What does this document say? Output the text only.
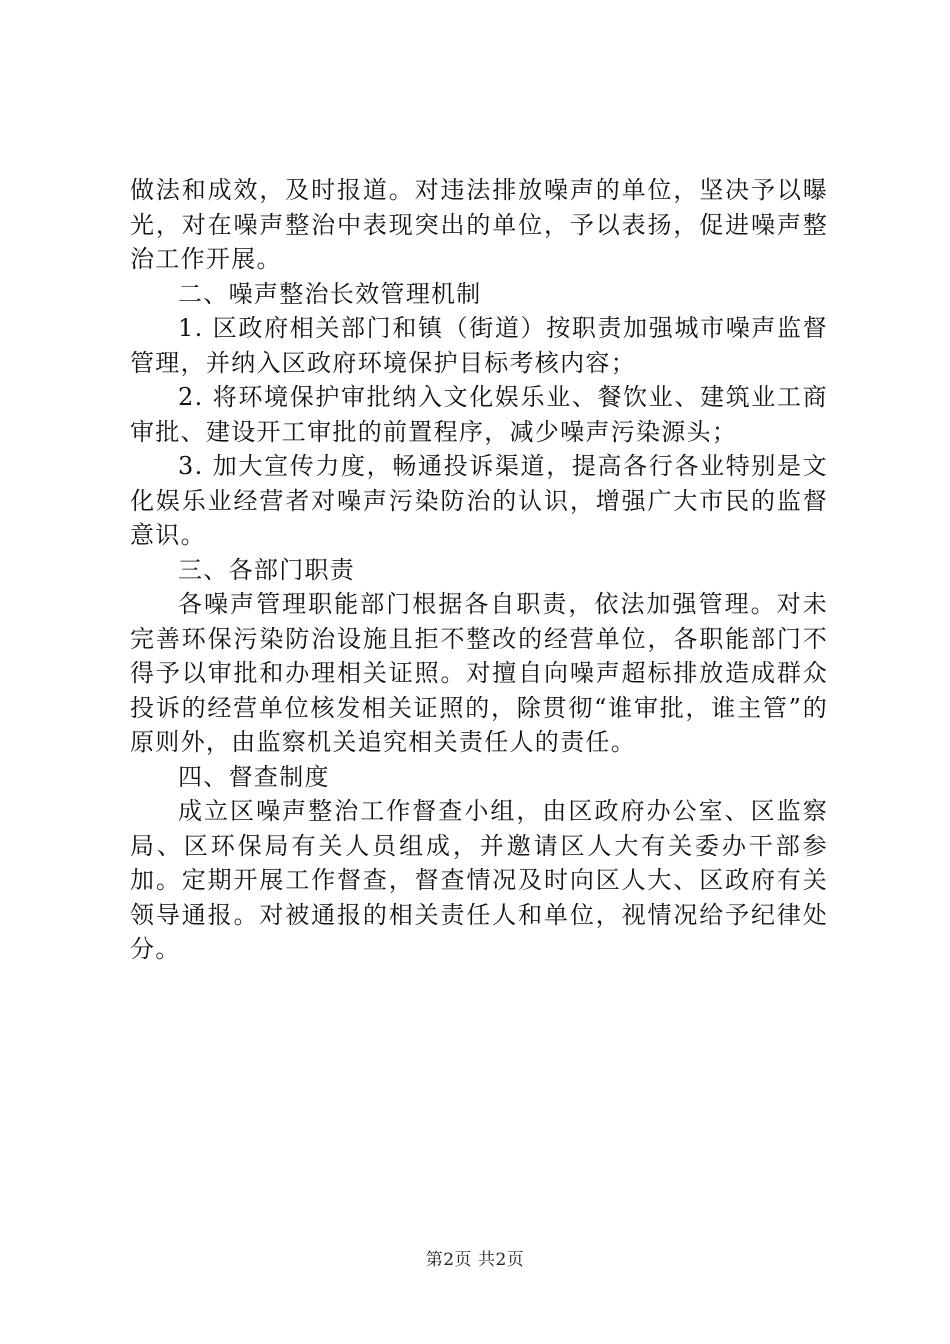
做法和成效，及时报道。对违法排放噪声的单位，坚决予以曝光，对在噪声整治中表现突出的单位，予以表扬，促进噪声整治工作开展。

二、噪声整治长效管理机制

1. 区政府相关部门和镇（街道）按职责加强城市噪声监督管理，并纳入区政府环境保护目标考核内容；

2. 将环境保护审批纳入文化娱乐业、餐饮业、建筑业工商审批、建设开工审批的前置程序，减少噪声污染源头；

3. 加大宣传力度，畅通投诉渠道，提高各行各业特别是文化娱乐业经营者对噪声污染防治的认识，增强广大市民的监督意识。

三、各部门职责

各噪声管理职能部门根据各自职责，依法加强管理。对未完善环保污染防治设施且拒不整改的经营单位，各职能部门不得予以审批和办理相关证照。对擅自向噪声超标排放造成群众投诉的经营单位核发相关证照的，除贯彻“谁审批，谁主管”的原则外，由监察机关追究相关责任人的责任。

四、督查制度

成立区噪声整治工作督查小组，由区政府办公室、区监察局、区环保局有关人员组成，并邀请区人大有关委办干部参加。定期开展工作督查，督查情况及时向区人大、区政府有关领导通报。对被通报的相关责任人和单位，视情况给予纪律处分。

第2页 共2页
